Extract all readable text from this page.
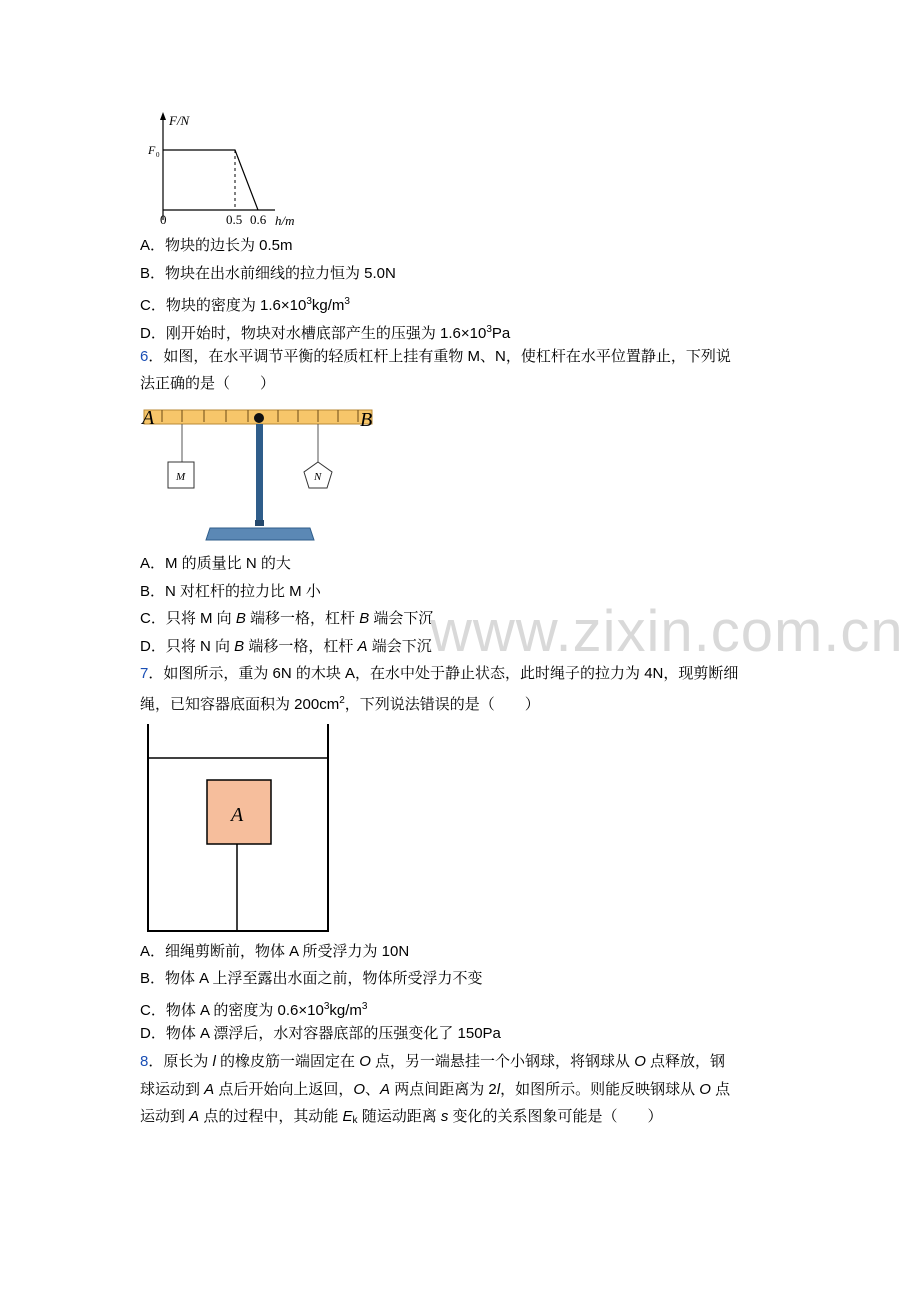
F/N
F 0
0	0.5 0.6 h/m
A．物块的边长为 0.5m
B．物块在出水前细线的拉力恒为 5.0N
C．物块的密度为 $1.6\times 10^3kg/m^3$
D．刚开始时，物块对水槽底部产生的压强为 $1.6\times 10^3Pa$
6．如图，在水平调节平衡的轻质杠杆上挂有重物 M、N，使杠杆在水平位置静止，下列说
法正确的是（　　）
A	B
M	N
A．M 的质量比 N 的大
B．N 对杠杆的拉力比 M 小
C．只将 M 向 B 端移一格，杠杆 B 端会下沉
D．只将 N 向 B 端移一格，杠杆 A 端会下沉
www.zixin.com.cn
7．如图所示，重为 6N 的木块 A，在水中处于静止状态，此时绳子的拉力为 4N，现剪断细
绳，已知容器底面积为 $200cm^2$，下列说法错误的是（　　）
A
A．细绳剪断前，物体 A 所受浮力为 10N
B．物体 A 上浮至露出水面之前，物体所受浮力不变
C．物体 A 的密度为 $0.6\times 10^3kg/m^3$
D．物体 A 漂浮后，水对容器底部的压强变化了 150Pa
8．原长为 l 的橡皮筋一端固定在 O 点，另一端悬挂一个小钢球，将钢球从 O 点释放，钢
球运动到 A 点后开始向上返回，O、A 两点间距离为 2l，如图所示。则能反映钢球从 O 点
运动到 A 点的过程中，其动能 $E_k$ 随运动距离 s 变化的关系图象可能是（　　）
